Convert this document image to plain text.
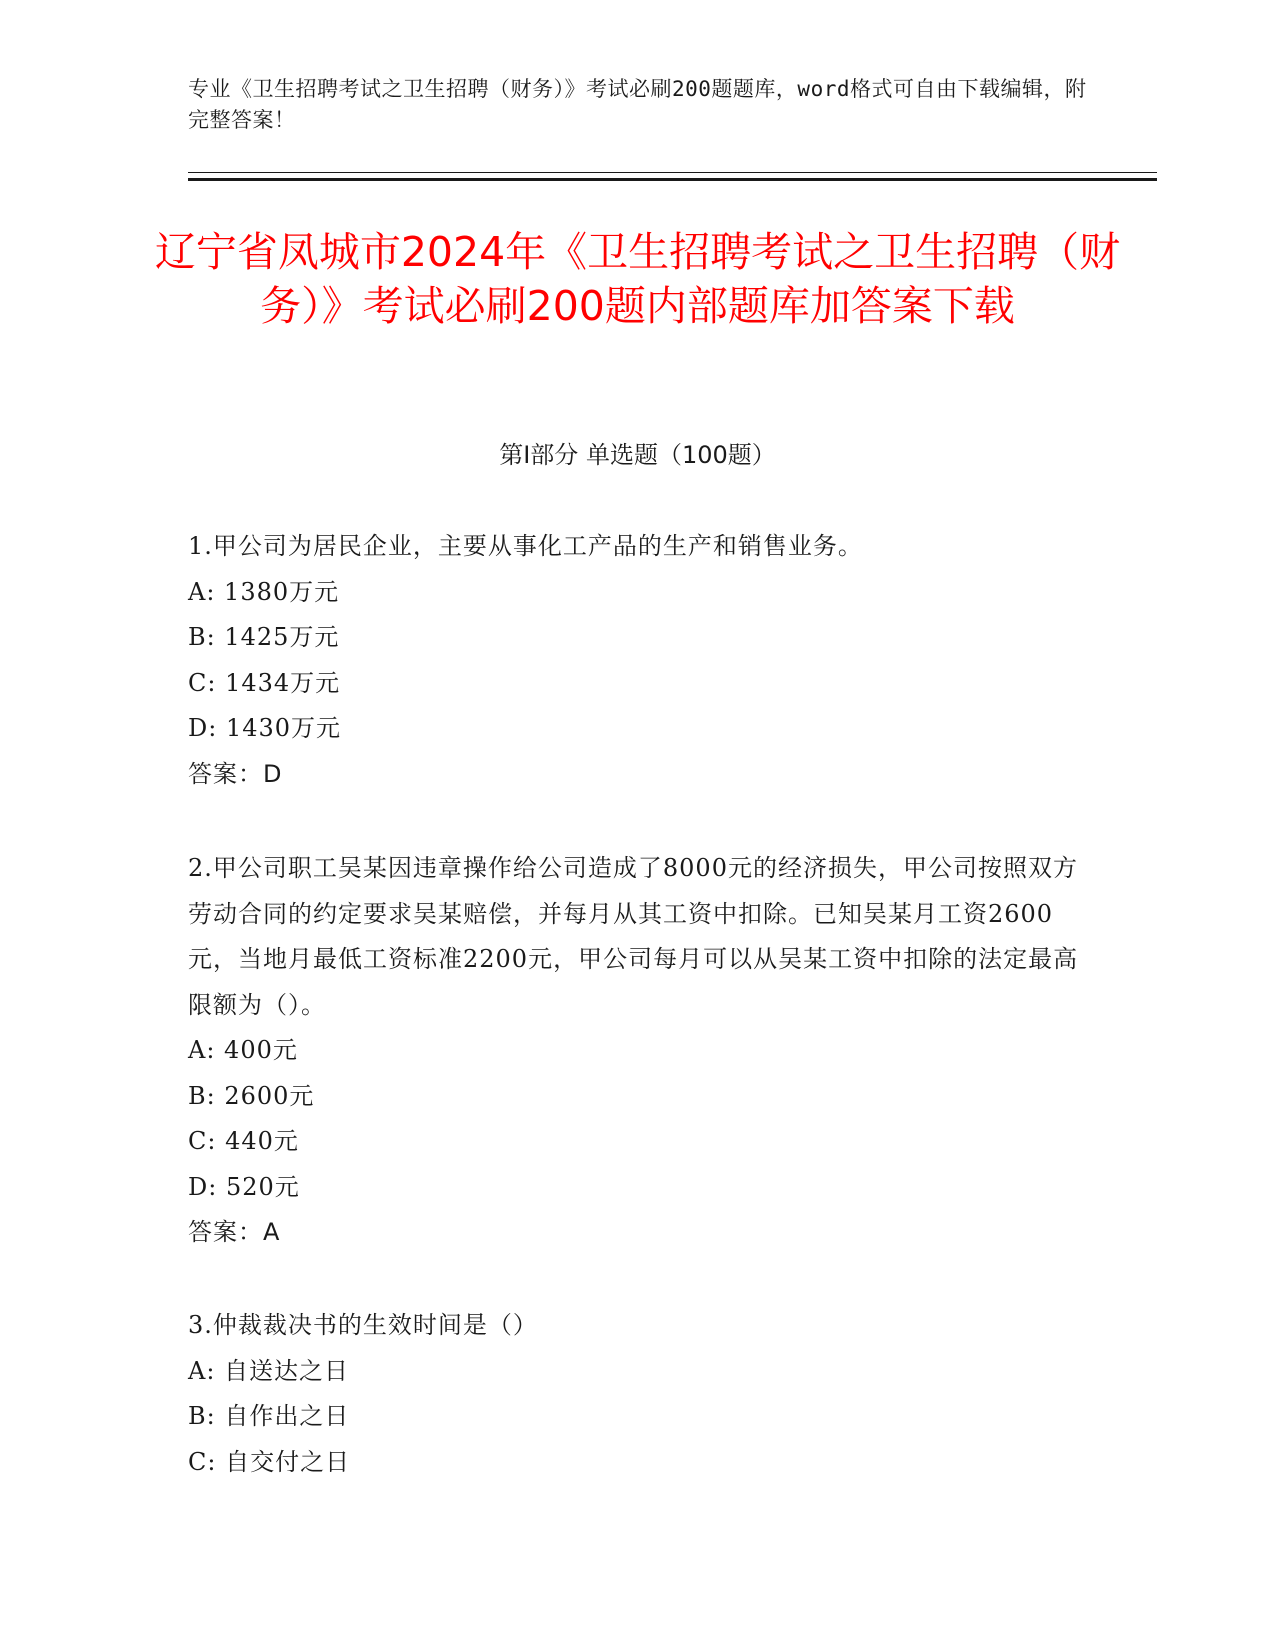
专业《卫生招聘考试之卫生招聘（财务）》考试必刷200题题库，word格式可自由下载编辑，附完整答案！
辽宁省凤城市2024年《卫生招聘考试之卫生招聘（财务）》考试必刷200题内部题库加答案下载
第I部分 单选题（100题）

1.甲公司为居民企业，主要从事化工产品的生产和销售业务。

A: 1380万元

B: 1425万元

C: 1434万元

D: 1430万元

答案：D

2.甲公司职工吴某因违章操作给公司造成了8000元的经济损失，甲公司按照双方劳动合同的约定要求吴某赔偿，并每月从其工资中扣除。已知吴某月工资2600元，当地月最低工资标准2200元，甲公司每月可以从吴某工资中扣除的法定最高限额为（）。

A: 400元

B: 2600元

C: 440元

D: 520元

答案：A

3.仲裁裁决书的生效时间是（）

A: 自送达之日

B: 自作出之日

C: 自交付之日
